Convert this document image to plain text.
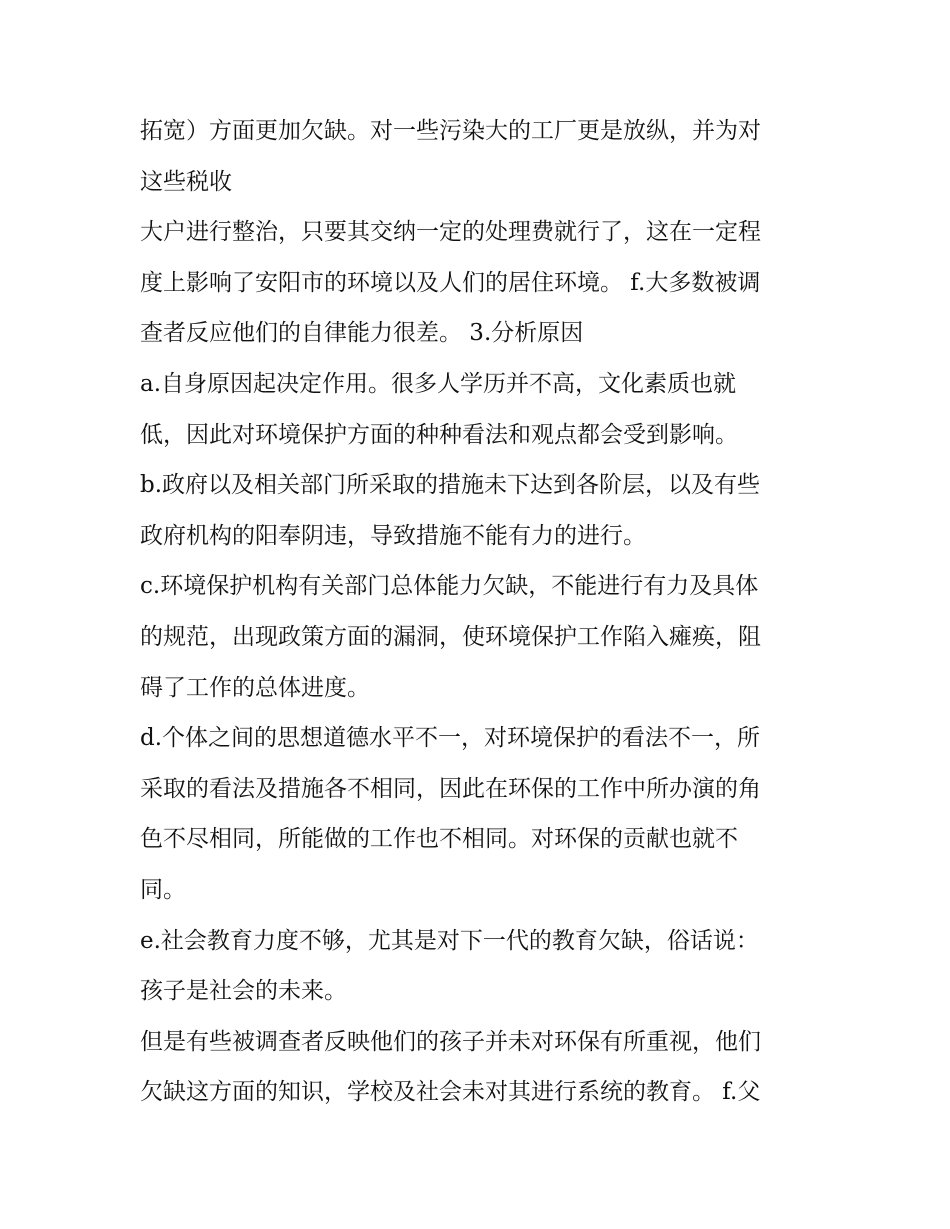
拓宽）方面更加欠缺。对一些污染大的工厂更是放纵，并为对
这些税收
大户进行整治，只要其交纳一定的处理费就行了，这在一定程
度上影响了安阳市的环境以及人们的居住环境。 f.大多数被调
查者反应他们的自律能力很差。 3.分析原因
a.自身原因起决定作用。很多人学历并不高，文化素质也就
低，因此对环境保护方面的种种看法和观点都会受到影响。
b.政府以及相关部门所采取的措施未下达到各阶层，以及有些
政府机构的阳奉阴违，导致措施不能有力的进行。
c.环境保护机构有关部门总体能力欠缺，不能进行有力及具体
的规范，出现政策方面的漏洞，使环境保护工作陷入瘫痪，阻
碍了工作的总体进度。
d.个体之间的思想道德水平不一，对环境保护的看法不一，所
采取的看法及措施各不相同，因此在环保的工作中所办演的角
色不尽相同，所能做的工作也不相同。对环保的贡献也就不
同。
e.社会教育力度不够，尤其是对下一代的教育欠缺，俗话说：
孩子是社会的未来。
但是有些被调查者反映他们的孩子并未对环保有所重视，他们
欠缺这方面的知识，学校及社会未对其进行系统的教育。 f.父
